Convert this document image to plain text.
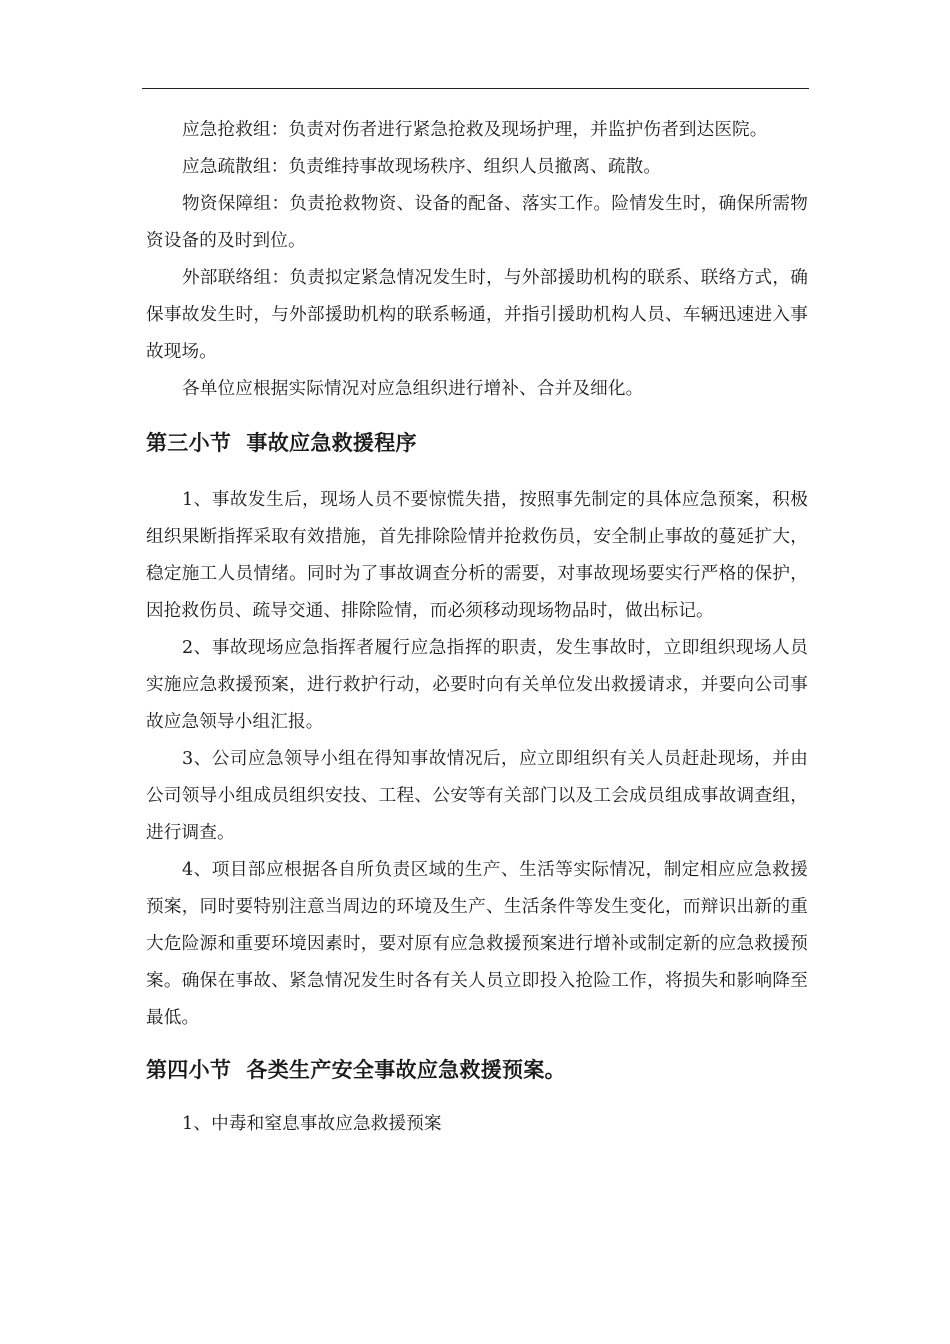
应急抢救组：负责对伤者进行紧急抢救及现场护理，并监护伤者到达医院。

应急疏散组：负责维持事故现场秩序、组织人员撤离、疏散。

物资保障组：负责抢救物资、设备的配备、落实工作。险情发生时，确保所需物资设备的及时到位。

外部联络组：负责拟定紧急情况发生时，与外部援助机构的联系、联络方式，确保事故发生时，与外部援助机构的联系畅通，并指引援助机构人员、车辆迅速进入事故现场。

各单位应根据实际情况对应急组织进行增补、合并及细化。

第三小节  事故应急救援程序

1、事故发生后，现场人员不要惊慌失措，按照事先制定的具体应急预案，积极组织果断指挥采取有效措施，首先排除险情并抢救伤员，安全制止事故的蔓延扩大，稳定施工人员情绪。同时为了事故调查分析的需要，对事故现场要实行严格的保护，因抢救伤员、疏导交通、排除险情，而必须移动现场物品时，做出标记。

2、事故现场应急指挥者履行应急指挥的职责，发生事故时，立即组织现场人员实施应急救援预案，进行救护行动，必要时向有关单位发出救援请求，并要向公司事故应急领导小组汇报。

3、公司应急领导小组在得知事故情况后，应立即组织有关人员赶赴现场，并由公司领导小组成员组织安技、工程、公安等有关部门以及工会成员组成事故调查组，进行调查。

4、项目部应根据各自所负责区域的生产、生活等实际情况，制定相应应急救援预案，同时要特别注意当周边的环境及生产、生活条件等发生变化，而辩识出新的重大危险源和重要环境因素时，要对原有应急救援预案进行增补或制定新的应急救援预案。确保在事故、紧急情况发生时各有关人员立即投入抢险工作，将损失和影响降至最低。

第四小节  各类生产安全事故应急救援预案。

1、中毒和窒息事故应急救援预案
